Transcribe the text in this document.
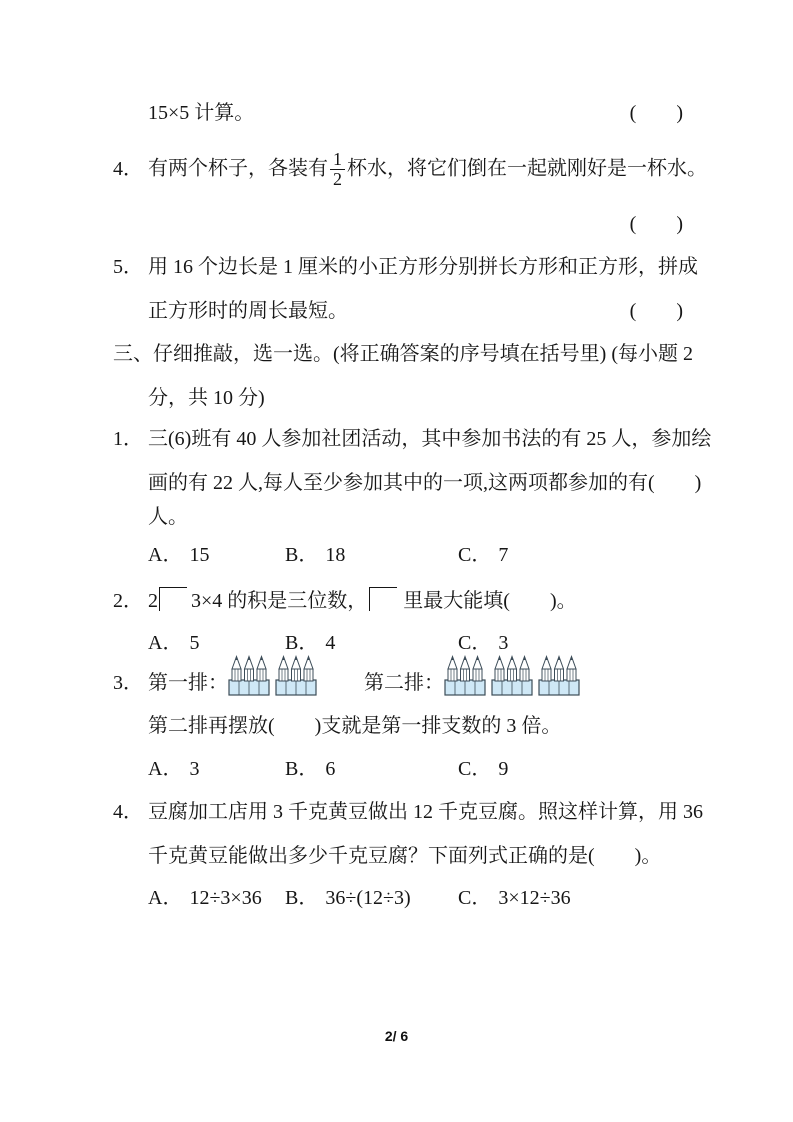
15×5 计算。	(　　)
4． 有两个杯子，各装有 $\frac{1}{2}$ 杯水，将它们倒在一起就刚好是一杯水。

(　　)
5． 用 16 个边长是 1 厘米的小正方形分别拼长方形和正方形，拼成

正方形时的周长最短。	(　　)
三、仔细推敲，选一选。(将正确答案的序号填在括号里) (每小题 2
分，共 10 分)
1． 三(6)班有 40 人参加社团活动，其中参加书法的有 25 人，参加绘

画的有 22 人,每人至少参加其中的一项,这两项都参加的有(　　)
人。
A． 15	B． 18	C． 7
2． 2 3×4 的积是三位数， 里最大能填(　　)。

A． 5	B． 4	C． 3
3． 第一排：	第二排：
第二排再摆放(　　)支就是第一排支数的 3 倍。
A． 3	B． 6	C． 9
4． 豆腐加工店用 3 千克黄豆做出 12 千克豆腐。照这样计算，用 36

千克黄豆能做出多少千克豆腐？下面列式正确的是(　　)。
A． 12÷3×36	B． 36÷(12÷3)	C． 3×12÷36
2/ 6
